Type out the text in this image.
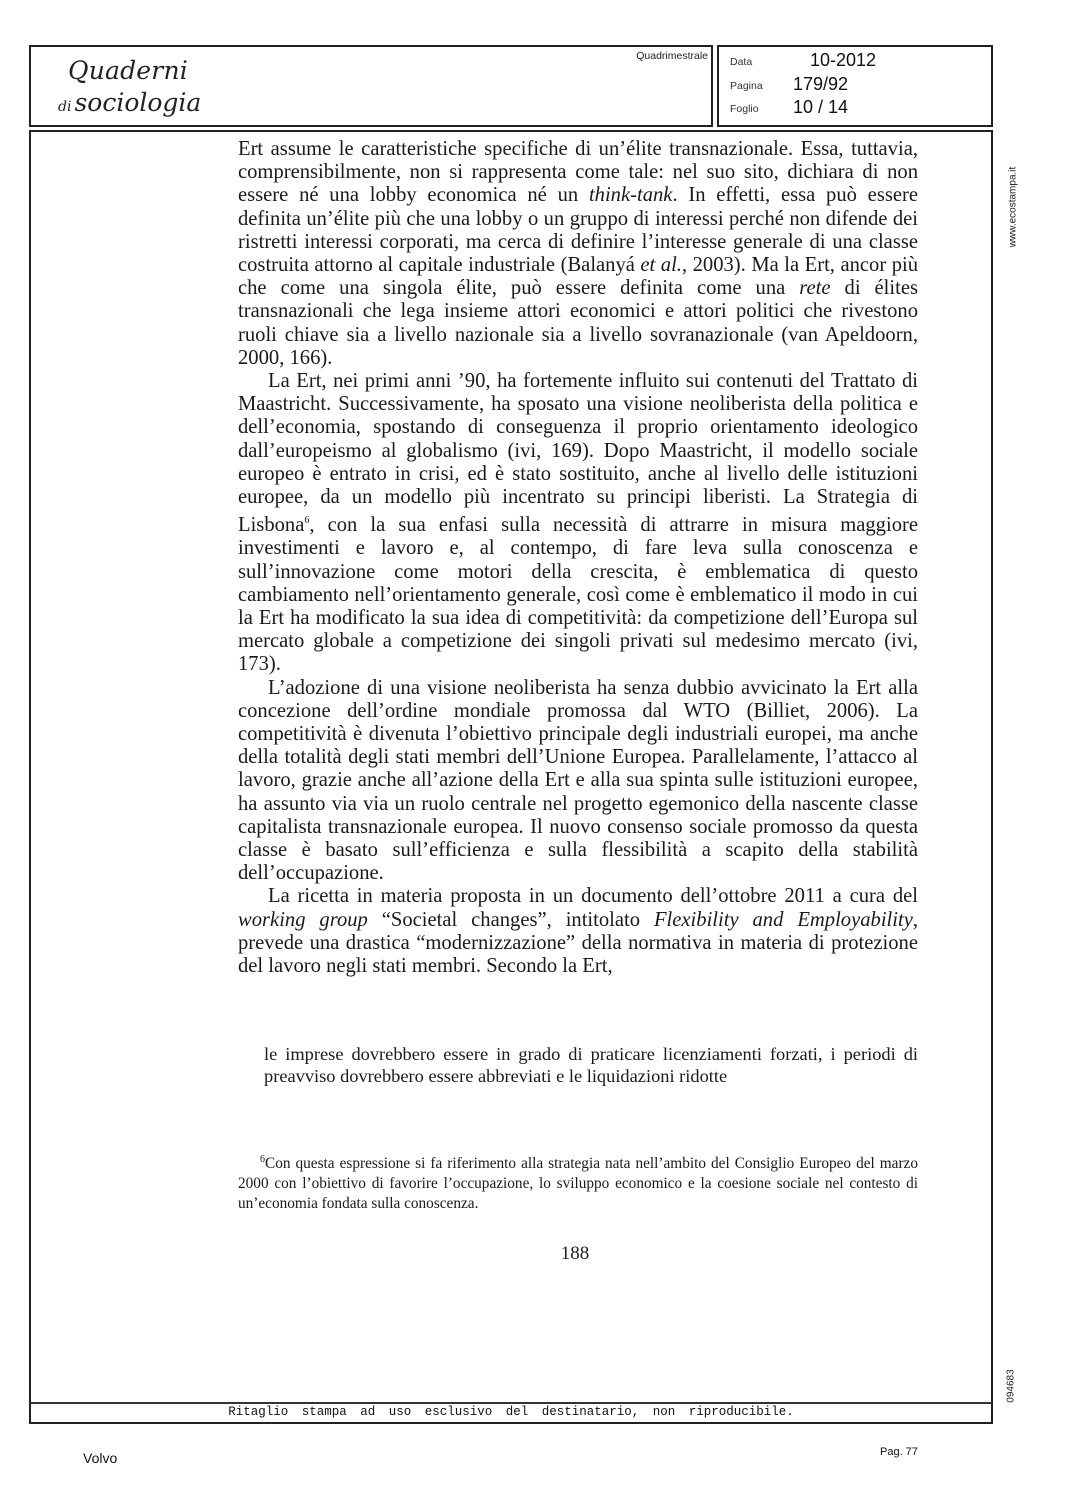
Quaderni
di sociologia
Quadrimestrale Data	10-2012
Pagina 179/92
Foglio 10 / 14
www.ecostampa.it
094683

Ert assume le caratteristiche specifiche di un’élite transnazionale. Essa, tuttavia, comprensibilmente, non si rappresenta come tale: nel suo sito, dichiara di non essere né una lobby economica né un think-tank. In effetti, essa può essere definita un’élite più che una lobby o un gruppo di interessi perché non difende dei ristretti interessi corporati, ma cerca di definire l’interesse generale di una classe costruita attorno al capitale industriale (Balanyá et al., 2003). Ma la Ert, ancor più che come una singola élite, può essere definita come una rete di élites transnazionali che lega insieme attori economici e attori politici che rivestono ruoli chiave sia a livello nazionale sia a livello sovranazionale (van Apeldoorn, 2000, 166).

La Ert, nei primi anni ’90, ha fortemente influito sui contenuti del Trattato di Maastricht. Successivamente, ha sposato una visione neoliberista della politica e dell’economia, spostando di conseguenza il proprio orientamento ideologico dall’europeismo al globalismo (ivi, 169). Dopo Maastricht, il modello sociale europeo è entrato in crisi, ed è stato sostituito, anche al livello delle istituzioni europee, da un modello più incentrato su principi liberisti. La Strategia di Lisbona$^6$, con la sua enfasi sulla necessità di attrarre in misura maggiore investimenti e lavoro e, al contempo, di fare leva sulla conoscenza e sull’innovazione come motori della crescita, è emblematica di questo cambiamento nell’orientamento generale, così come è emblematico il modo in cui la Ert ha modificato la sua idea di competitività: da competizione dell’Europa sul mercato globale a competizione dei singoli privati sul medesimo mercato (ivi, 173).

L’adozione di una visione neoliberista ha senza dubbio avvicinato la Ert alla concezione dell’ordine mondiale promossa dal WTO (Billiet, 2006). La competitività è divenuta l’obiettivo principale degli industriali europei, ma anche della totalità degli stati membri dell’Unione Europea. Parallelamente, l’attacco al lavoro, grazie anche all’azione della Ert e alla sua spinta sulle istituzioni europee, ha assunto via via un ruolo centrale nel progetto egemonico della nascente classe capitalista transnazionale europea. Il nuovo consenso sociale promosso da questa classe è basato sull’efficienza e sulla flessibilità a scapito della stabilità dell’occupazione.

La ricetta in materia proposta in un documento dell’ottobre 2011 a cura del working group “Societal changes”, intitolato Flexibility and Employability, prevede una drastica “modernizzazione” della normativa in materia di protezione del lavoro negli stati membri. Secondo la Ert,

le imprese dovrebbero essere in grado di praticare licenziamenti forzati, i periodi di preavviso dovrebbero essere abbreviati e le liquidazioni ridotte
$^6$Con questa espressione si fa riferimento alla strategia nata nell’ambito del Consiglio Europeo del marzo 2000 con l’obiettivo di favorire l’occupazione, lo sviluppo economico e la coesione sociale nel contesto di un’economia fondata sulla conoscenza.
188
Ritaglio stampa ad uso esclusivo del destinatario, non riproducibile.
Volvo	Pag. 77
